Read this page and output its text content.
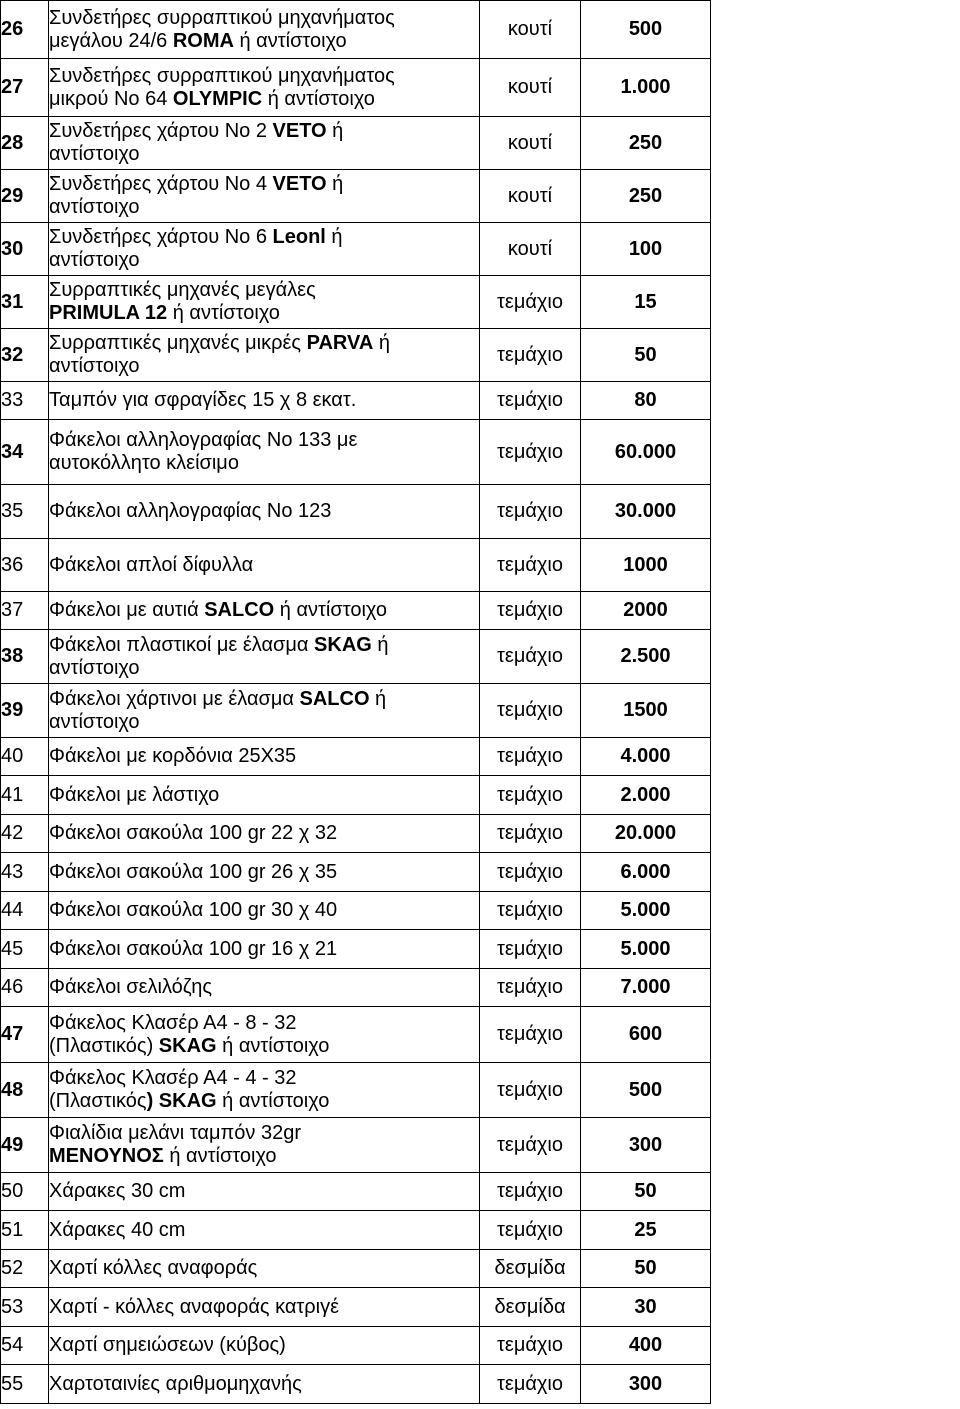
26	Συνδετήρες συρραπτικού μηχανήματος
μεγάλου 24/6 ROMA ή αντίστοιχο	κουτί	500
27	Συνδετήρες συρραπτικού μηχανήματος
μικρού Νο 64 OLYMPIC ή αντίστοιχο	κουτί	1.000
28	Συνδετήρες χάρτου Νο 2 VETO ή
αντίστοιχο	κουτί	250
29	Συνδετήρες χάρτου Νο 4 VETO ή
αντίστοιχο	κουτί	250
30	Συνδετήρες χάρτου Νο 6 Leonl ή
αντίστοιχο	κουτί	100
31	Συρραπτικές μηχανές μεγάλες
PRIMULA 12 ή αντίστοιχο	τεμάχιο	15
32	Συρραπτικές μηχανές μικρές PARVA ή
αντίστοιχο	τεμάχιο	50
33	Ταμπόν για σφραγίδες 15 χ 8 εκατ.	τεμάχιο	80
34	Φάκελοι αλληλογραφίας Νο 133 με
αυτοκόλλητο κλείσιμο	τεμάχιο	60.000
35	Φάκελοι αλληλογραφίας Νο 123	τεμάχιο	30.000
36	Φάκελοι απλοί δίφυλλα	τεμάχιο	1000
37	Φάκελοι με αυτιά SALCO ή αντίστοιχο	τεμάχιο	2000
38	Φάκελοι πλαστικοί με έλασμα SKAG ή
αντίστοιχο	τεμάχιο	2.500
39	Φάκελοι χάρτινοι με έλασμα SALCO ή
αντίστοιχο	τεμάχιο	1500
40	Φάκελοι με κορδόνια 25Χ35	τεμάχιο	4.000
41	Φάκελοι με λάστιχο	τεμάχιο	2.000
42	Φάκελοι σακούλα 100 gr 22 χ 32	τεμάχιο	20.000
43	Φάκελοι σακούλα 100 gr 26 χ 35	τεμάχιο	6.000
44	Φάκελοι σακούλα 100 gr 30 χ 40	τεμάχιο	5.000
45	Φάκελοι σακούλα 100 gr 16 χ 21	τεμάχιο	5.000
46	Φάκελοι σελιλόζης	τεμάχιο	7.000
47	Φάκελος Κλασέρ Α4 - 8 - 32
(Πλαστικός) SKAG ή αντίστοιχο	τεμάχιο	600
48	Φάκελος Κλασέρ Α4 - 4 - 32
(Πλαστικός) SKAG ή αντίστοιχο	τεμάχιο	500
49	Φιαλίδια μελάνι ταμπόν 32gr
ΜΕΝΟΥΝΟΣ ή αντίστοιχο	τεμάχιο	300
50	Χάρακες 30 cm	τεμάχιο	50
51	Χάρακες 40 cm	τεμάχιο	25
52	Χαρτί κόλλες αναφοράς	δεσμίδα	50
53	Χαρτί - κόλλες αναφοράς κατριγέ	δεσμίδα	30
54	Χαρτί σημειώσεων (κύβος)	τεμάχιο	400
55	Χαρτοταινίες αριθμομηχανής	τεμάχιο	300
